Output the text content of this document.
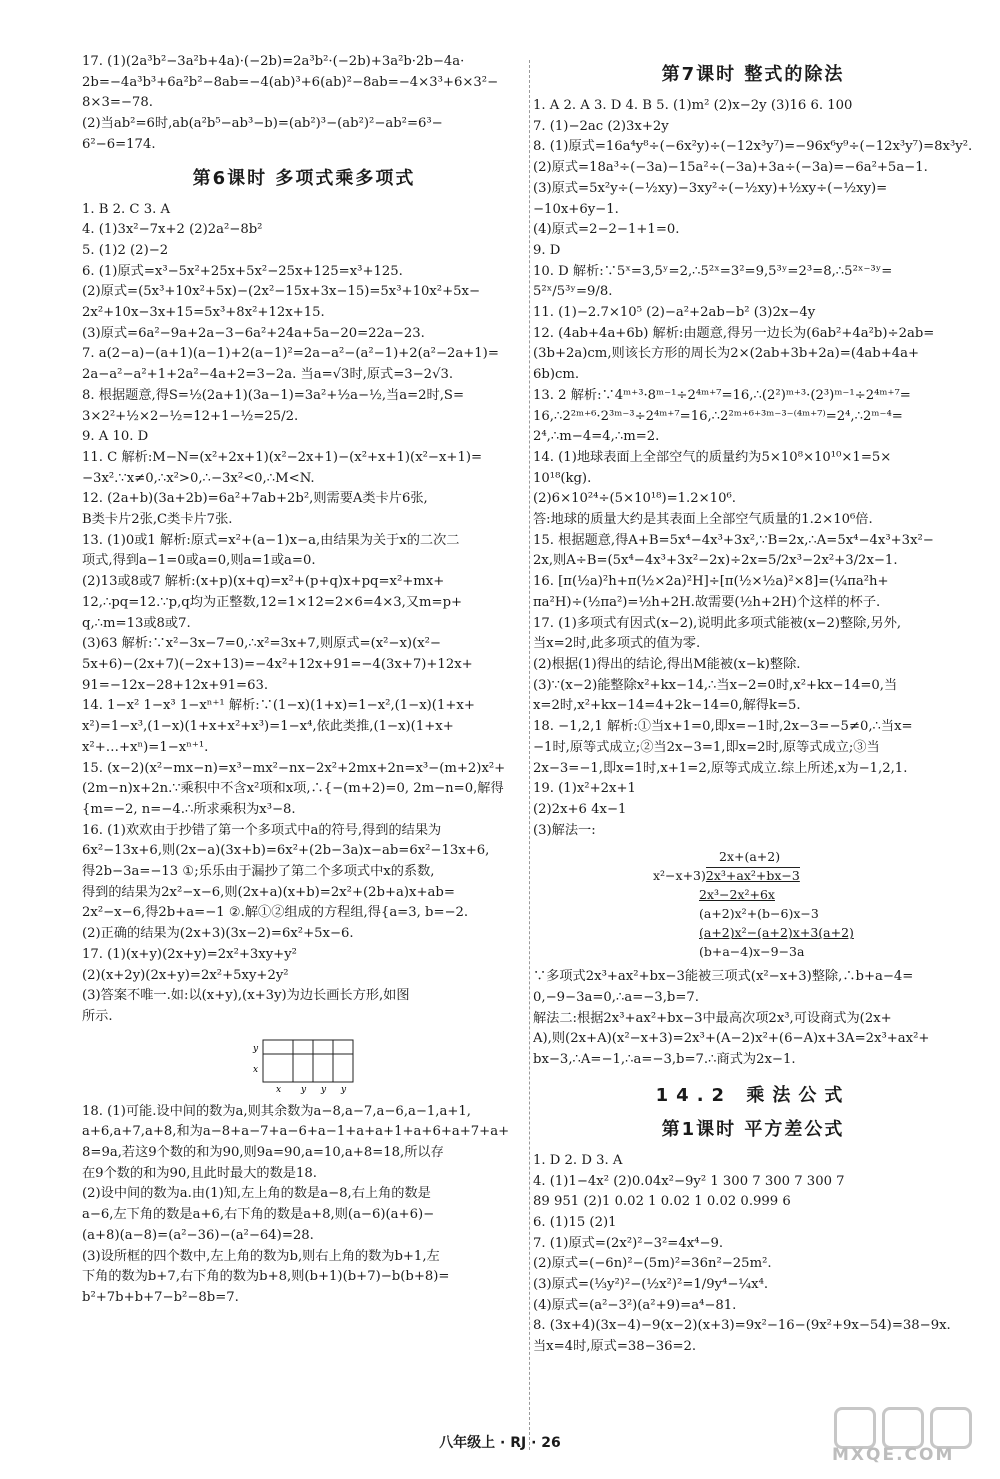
17. (1)(2a³b²−3a²b+4a)·(−2b)=2a³b²·(−2b)+3a²b·2b−4a·
2b=−4a³b³+6a²b²−8ab=−4(ab)³+6(ab)²−8ab=−4×3³+6×3²−
8×3=−78.
(2)当ab²=6时,ab(a²b⁵−ab³−b)=(ab²)³−(ab²)²−ab²=6³−
6²−6=174.
第6课时 多项式乘多项式
1. B 2. C 3. A
4. (1)3x²−7x+2 (2)2a²−8b²
5. (1)2 (2)−2
6. (1)原式=x³−5x²+25x+5x²−25x+125=x³+125.
(2)原式=(5x³+10x²+5x)−(2x²−15x+3x−15)=5x³+10x²+5x−
2x²+10x−3x+15=5x³+8x²+12x+15.
(3)原式=6a²−9a+2a−3−6a²+24a+5a−20=22a−23.
7. a(2−a)−(a+1)(a−1)+2(a−1)²=2a−a²−(a²−1)+2(a²−2a+1)=
2a−a²−a²+1+2a²−4a+2=3−2a. 当a=√3时,原式=3−2√3.
8. 根据题意,得S=½(2a+1)(3a−1)=3a²+½a−½,当a=2时,S=
3×2²+½×2−½=12+1−½=25/2.
9. A 10. D
11. C 解析:M−N=(x²+2x+1)(x²−2x+1)−(x²+x+1)(x²−x+1)=
−3x².∵x≠0,∴x²>0,∴−3x²<0,∴M<N.
12. (2a+b)(3a+2b)=6a²+7ab+2b²,则需要A类卡片6张,
B类卡片2张,C类卡片7张.
13. (1)0或1 解析:原式=x²+(a−1)x−a,由结果为关于x的二次二
项式,得到a−1=0或a=0,则a=1或a=0.
(2)13或8或7 解析:(x+p)(x+q)=x²+(p+q)x+pq=x²+mx+
12,∴pq=12.∵p,q均为正整数,12=1×12=2×6=4×3,又m=p+
q,∴m=13或8或7.
(3)63 解析:∵x²−3x−7=0,∴x²=3x+7,则原式=(x²−x)(x²−
5x+6)−(2x+7)(−2x+13)=−4x²+12x+91=−4(3x+7)+12x+
91=−12x−28+12x+91=63.
14. 1−x² 1−x³ 1−xⁿ⁺¹ 解析:∵(1−x)(1+x)=1−x²,(1−x)(1+x+
x²)=1−x³,(1−x)(1+x+x²+x³)=1−x⁴,依此类推,(1−x)(1+x+
x²+…+xⁿ)=1−xⁿ⁺¹.
15. (x−2)(x²−mx−n)=x³−mx²−nx−2x²+2mx+2n=x³−(m+2)x²+
(2m−n)x+2n.∵乘积中不含x²项和x项,∴{−(m+2)=0, 2m−n=0,解得
{m=−2, n=−4.∴所求乘积为x³−8.
16. (1)欢欢由于抄错了第一个多项式中a的符号,得到的结果为
6x²−13x+6,则(2x−a)(3x+b)=6x²+(2b−3a)x−ab=6x²−13x+6,
得2b−3a=−13 ①;乐乐由于漏抄了第二个多项式中x的系数,
得到的结果为2x²−x−6,则(2x+a)(x+b)=2x²+(2b+a)x+ab=
2x²−x−6,得2b+a=−1 ②.解①②组成的方程组,得{a=3, b=−2.
(2)正确的结果为(2x+3)(3x−2)=6x²+5x−6.
17. (1)(x+y)(2x+y)=2x²+3xy+y²
(2)(x+2y)(2x+y)=2x²+5xy+2y²
(3)答案不唯一.如:以(x+y),(x+3y)为边长画长方形,如图
所示.
y
x
x y y y
18. (1)可能.设中间的数为a,则其余数为a−8,a−7,a−6,a−1,a+1,
a+6,a+7,a+8,和为a−8+a−7+a−6+a−1+a+a+1+a+6+a+7+a+
8=9a,若这9个数的和为90,则9a=90,a=10,a+8=18,所以存
在9个数的和为90,且此时最大的数是18.
(2)设中间的数为a.由(1)知,左上角的数是a−8,右上角的数是
a−6,左下角的数是a+6,右下角的数是a+8,则(a−6)(a+6)−
(a+8)(a−8)=(a²−36)−(a²−64)=28.
(3)设所框的四个数中,左上角的数为b,则右上角的数为b+1,左
下角的数为b+7,右下角的数为b+8,则(b+1)(b+7)−b(b+8)=
b²+7b+b+7−b²−8b=7.
第7课时 整式的除法
1. A 2. A 3. D 4. B 5. (1)m² (2)x−2y (3)16 6. 100
7. (1)−2ac (2)3x+2y
8. (1)原式=16a⁴y⁸÷(−6x²y)÷(−12x³y⁷)=−96x⁶y⁹÷(−12x³y⁷)=8x³y².
(2)原式=18a³÷(−3a)−15a²÷(−3a)+3a÷(−3a)=−6a²+5a−1.
(3)原式=5x²y÷(−½xy)−3xy²÷(−½xy)+½xy÷(−½xy)=
−10x+6y−1.
(4)原式=2−2−1+1=0.
9. D
10. D 解析:∵5ˣ=3,5ʸ=2,∴5²ˣ=3²=9,5³ʸ=2³=8,∴5²ˣ⁻³ʸ=
5²ˣ/5³ʸ=9/8.
11. (1)−2.7×10⁵ (2)−a²+2ab−b² (3)2x−4y
12. (4ab+4a+6b) 解析:由题意,得另一边长为(6ab²+4a²b)÷2ab=
(3b+2a)cm,则该长方形的周长为2×(2ab+3b+2a)=(4ab+4a+
6b)cm.
13. 2 解析:∵4ᵐ⁺³·8ᵐ⁻¹÷2⁴ᵐ⁺⁷=16,∴(2²)ᵐ⁺³·(2³)ᵐ⁻¹÷2⁴ᵐ⁺⁷=
16,∴2²ᵐ⁺⁶·2³ᵐ⁻³÷2⁴ᵐ⁺⁷=16,∴2²ᵐ⁺⁶⁺³ᵐ⁻³⁻⁽⁴ᵐ⁺⁷⁾=2⁴,∴2ᵐ⁻⁴=
2⁴,∴m−4=4,∴m=2.
14. (1)地球表面上全部空气的质量约为5×10⁸×10¹⁰×1=5×
10¹⁸(kg).
(2)6×10²⁴÷(5×10¹⁸)=1.2×10⁶.
答:地球的质量大约是其表面上全部空气质量的1.2×10⁶倍.
15. 根据题意,得A+B=5x⁴−4x³+3x²,∵B=2x,∴A=5x⁴−4x³+3x²−
2x,则A÷B=(5x⁴−4x³+3x²−2x)÷2x=5/2x³−2x²+3/2x−1.
16. [π(½a)²h+π(½×2a)²H]÷[π(½×½a)²×8]=(¼πa²h+
πa²H)÷(½πa²)=½h+2H.故需要(½h+2H)个这样的杯子.
17. (1)多项式有因式(x−2),说明此多项式能被(x−2)整除,另外,
当x=2时,此多项式的值为零.
(2)根据(1)得出的结论,得出M能被(x−k)整除.
(3)∵(x−2)能整除x²+kx−14,∴当x−2=0时,x²+kx−14=0,当
x=2时,x²+kx−14=4+2k−14=0,解得k=5.
18. −1,2,1 解析:①当x+1=0,即x=−1时,2x−3=−5≠0,∴当x=
−1时,原等式成立;②当2x−3=1,即x=2时,原等式成立;③当
2x−3=−1,即x=1时,x+1=2,原等式成立.综上所述,x为−1,2,1.
19. (1)x²+2x+1
(2)2x+6 4x−1
(3)解法一:
2x+(a+2)
x²−x+3)2x³+ax²+bx−3
2x³−2x²+6x
(a+2)x²+(b−6)x−3
(a+2)x²−(a+2)x+3(a+2)
(b+a−4)x−9−3a
∵多项式2x³+ax²+bx−3能被三项式(x²−x+3)整除,∴b+a−4=
0,−9−3a=0,∴a=−3,b=7.
解法二:根据2x³+ax²+bx−3中最高次项2x³,可设商式为(2x+
A),则(2x+A)(x²−x+3)=2x³+(A−2)x²+(6−A)x+3A=2x³+ax²+
bx−3,∴A=−1,∴a=−3,b=7.∴商式为2x−1.
14.2 乘法公式
第1课时 平方差公式
1. D 2. D 3. A
4. (1)1−4x² (2)0.04x²−9y² 1 300 7 300 7 300 7
89 951 (2)1 0.02 1 0.02 1 0.02 0.999 6
6. (1)15 (2)1
7. (1)原式=(2x²)²−3²=4x⁴−9.
(2)原式=(−6n)²−(5m)²=36n²−25m².
(3)原式=(⅓y²)²−(½x²)²=1/9y⁴−¼x⁴.
(4)原式=(a²−3²)(a²+9)=a⁴−81.
8. (3x+4)(3x−4)−9(x−2)(x+3)=9x²−16−(9x²+9x−54)=38−9x.
当x=4时,原式=38−36=2.
八年级上 · RJ · 26
MXQE.COM
